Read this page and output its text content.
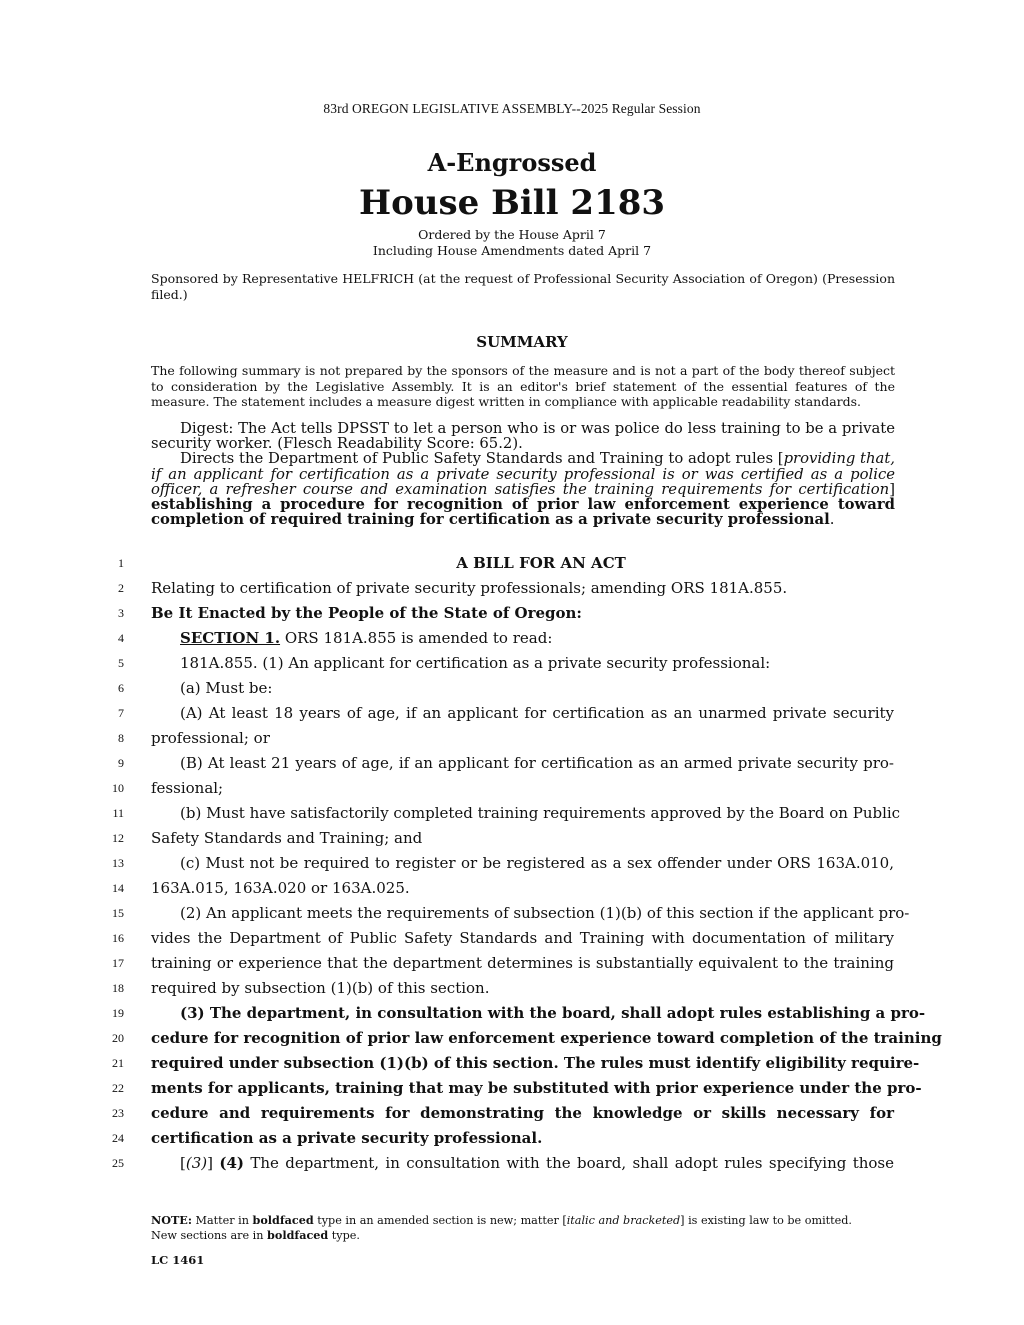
83rd OREGON LEGISLATIVE ASSEMBLY--2025 Regular Session
A-Engrossed
House Bill 2183
Ordered by the House April 7
Including House Amendments dated April 7
Sponsored by Representative HELFRICH (at the request of Professional Security Association of Oregon) (Presession filed.)
SUMMARY
The following summary is not prepared by the sponsors of the measure and is not a part of the body thereof subject to consideration by the Legislative Assembly. It is an editor's brief statement of the essential features of the measure. The statement includes a measure digest written in compliance with applicable readability standards.

Digest: The Act tells DPSST to let a person who is or was police do less training to be a private security worker. (Flesch Readability Score: 65.2).

Directs the Department of Public Safety Standards and Training to adopt rules [providing that, if an applicant for certification as a private security professional is or was certified as a police officer, a refresher course and examination satisfies the training requirements for certification] establishing a procedure for recognition of prior law enforcement experience toward completion of required training for certification as a private security professional.

1
2
3
4
5
6
7
8
9
10
11
12
13
14
15
16
17
18
19
20
21
22
23
24
25
A BILL FOR AN ACT
Relating to certification of private security professionals; amending ORS 181A.855.
Be It Enacted by the People of the State of Oregon:
SECTION 1. ORS 181A.855 is amended to read:
181A.855. (1) An applicant for certification as a private security professional:
(a) Must be:
(A) At least 18 years of age, if an applicant for certification as an unarmed private security
professional; or
(B) At least 21 years of age, if an applicant for certification as an armed private security pro-
fessional;
(b) Must have satisfactorily completed training requirements approved by the Board on Public
Safety Standards and Training; and
(c) Must not be required to register or be registered as a sex offender under ORS 163A.010,
163A.015, 163A.020 or 163A.025.
(2) An applicant meets the requirements of subsection (1)(b) of this section if the applicant pro-
vides the Department of Public Safety Standards and Training with documentation of military
training or experience that the department determines is substantially equivalent to the training
required by subsection (1)(b) of this section.
(3) The department, in consultation with the board, shall adopt rules establishing a pro-
cedure for recognition of prior law enforcement experience toward completion of the training
required under subsection (1)(b) of this section. The rules must identify eligibility require-
ments for applicants, training that may be substituted with prior experience under the pro-
cedure and requirements for demonstrating the knowledge or skills necessary for
certification as a private security professional.
[(3)] (4) The department, in consultation with the board, shall adopt rules specifying those
NOTE: Matter in boldfaced type in an amended section is new; matter [italic and bracketed] is existing law to be omitted.
New sections are in boldfaced type.
LC 1461
